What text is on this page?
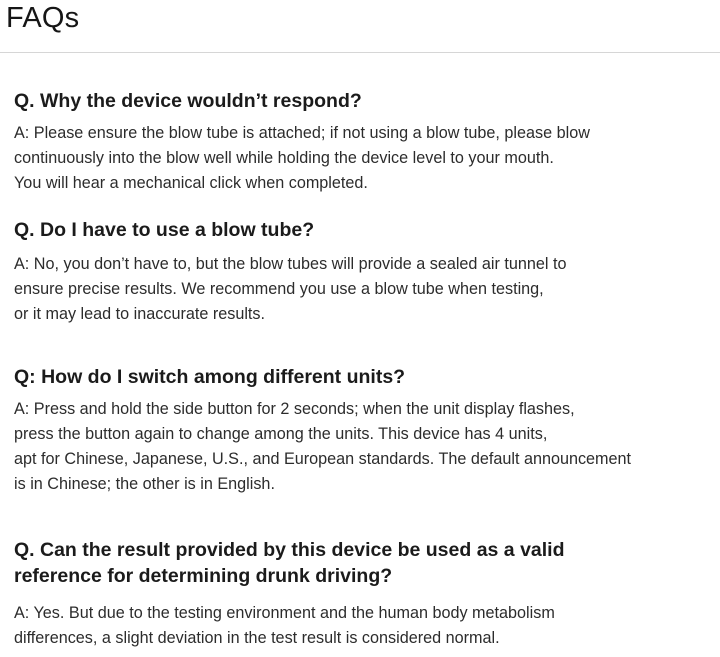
FAQs

Q. Why the device wouldn’t respond?

A: Please ensure the blow tube is attached; if not using a blow tube, please blow
continuously into the blow well while holding the device level to your mouth.
You will hear a mechanical click when completed.

Q. Do I have to use a blow tube?

A: No, you don’t have to, but the blow tubes will provide a sealed air tunnel to
ensure precise results. We recommend you use a blow tube when testing,
or it may lead to inaccurate results.

Q: How do I switch among different units?

A: Press and hold the side button for 2 seconds; when the unit display flashes,
press the button again to change among the units. This device has 4 units,
apt for Chinese, Japanese, U.S., and European standards. The default announcement
is in Chinese; the other is in English.

Q. Can the result provided by this device be used as a valid
reference for determining drunk driving?

A: Yes. But due to the testing environment and the human body metabolism
differences, a slight deviation in the test result is considered normal.
